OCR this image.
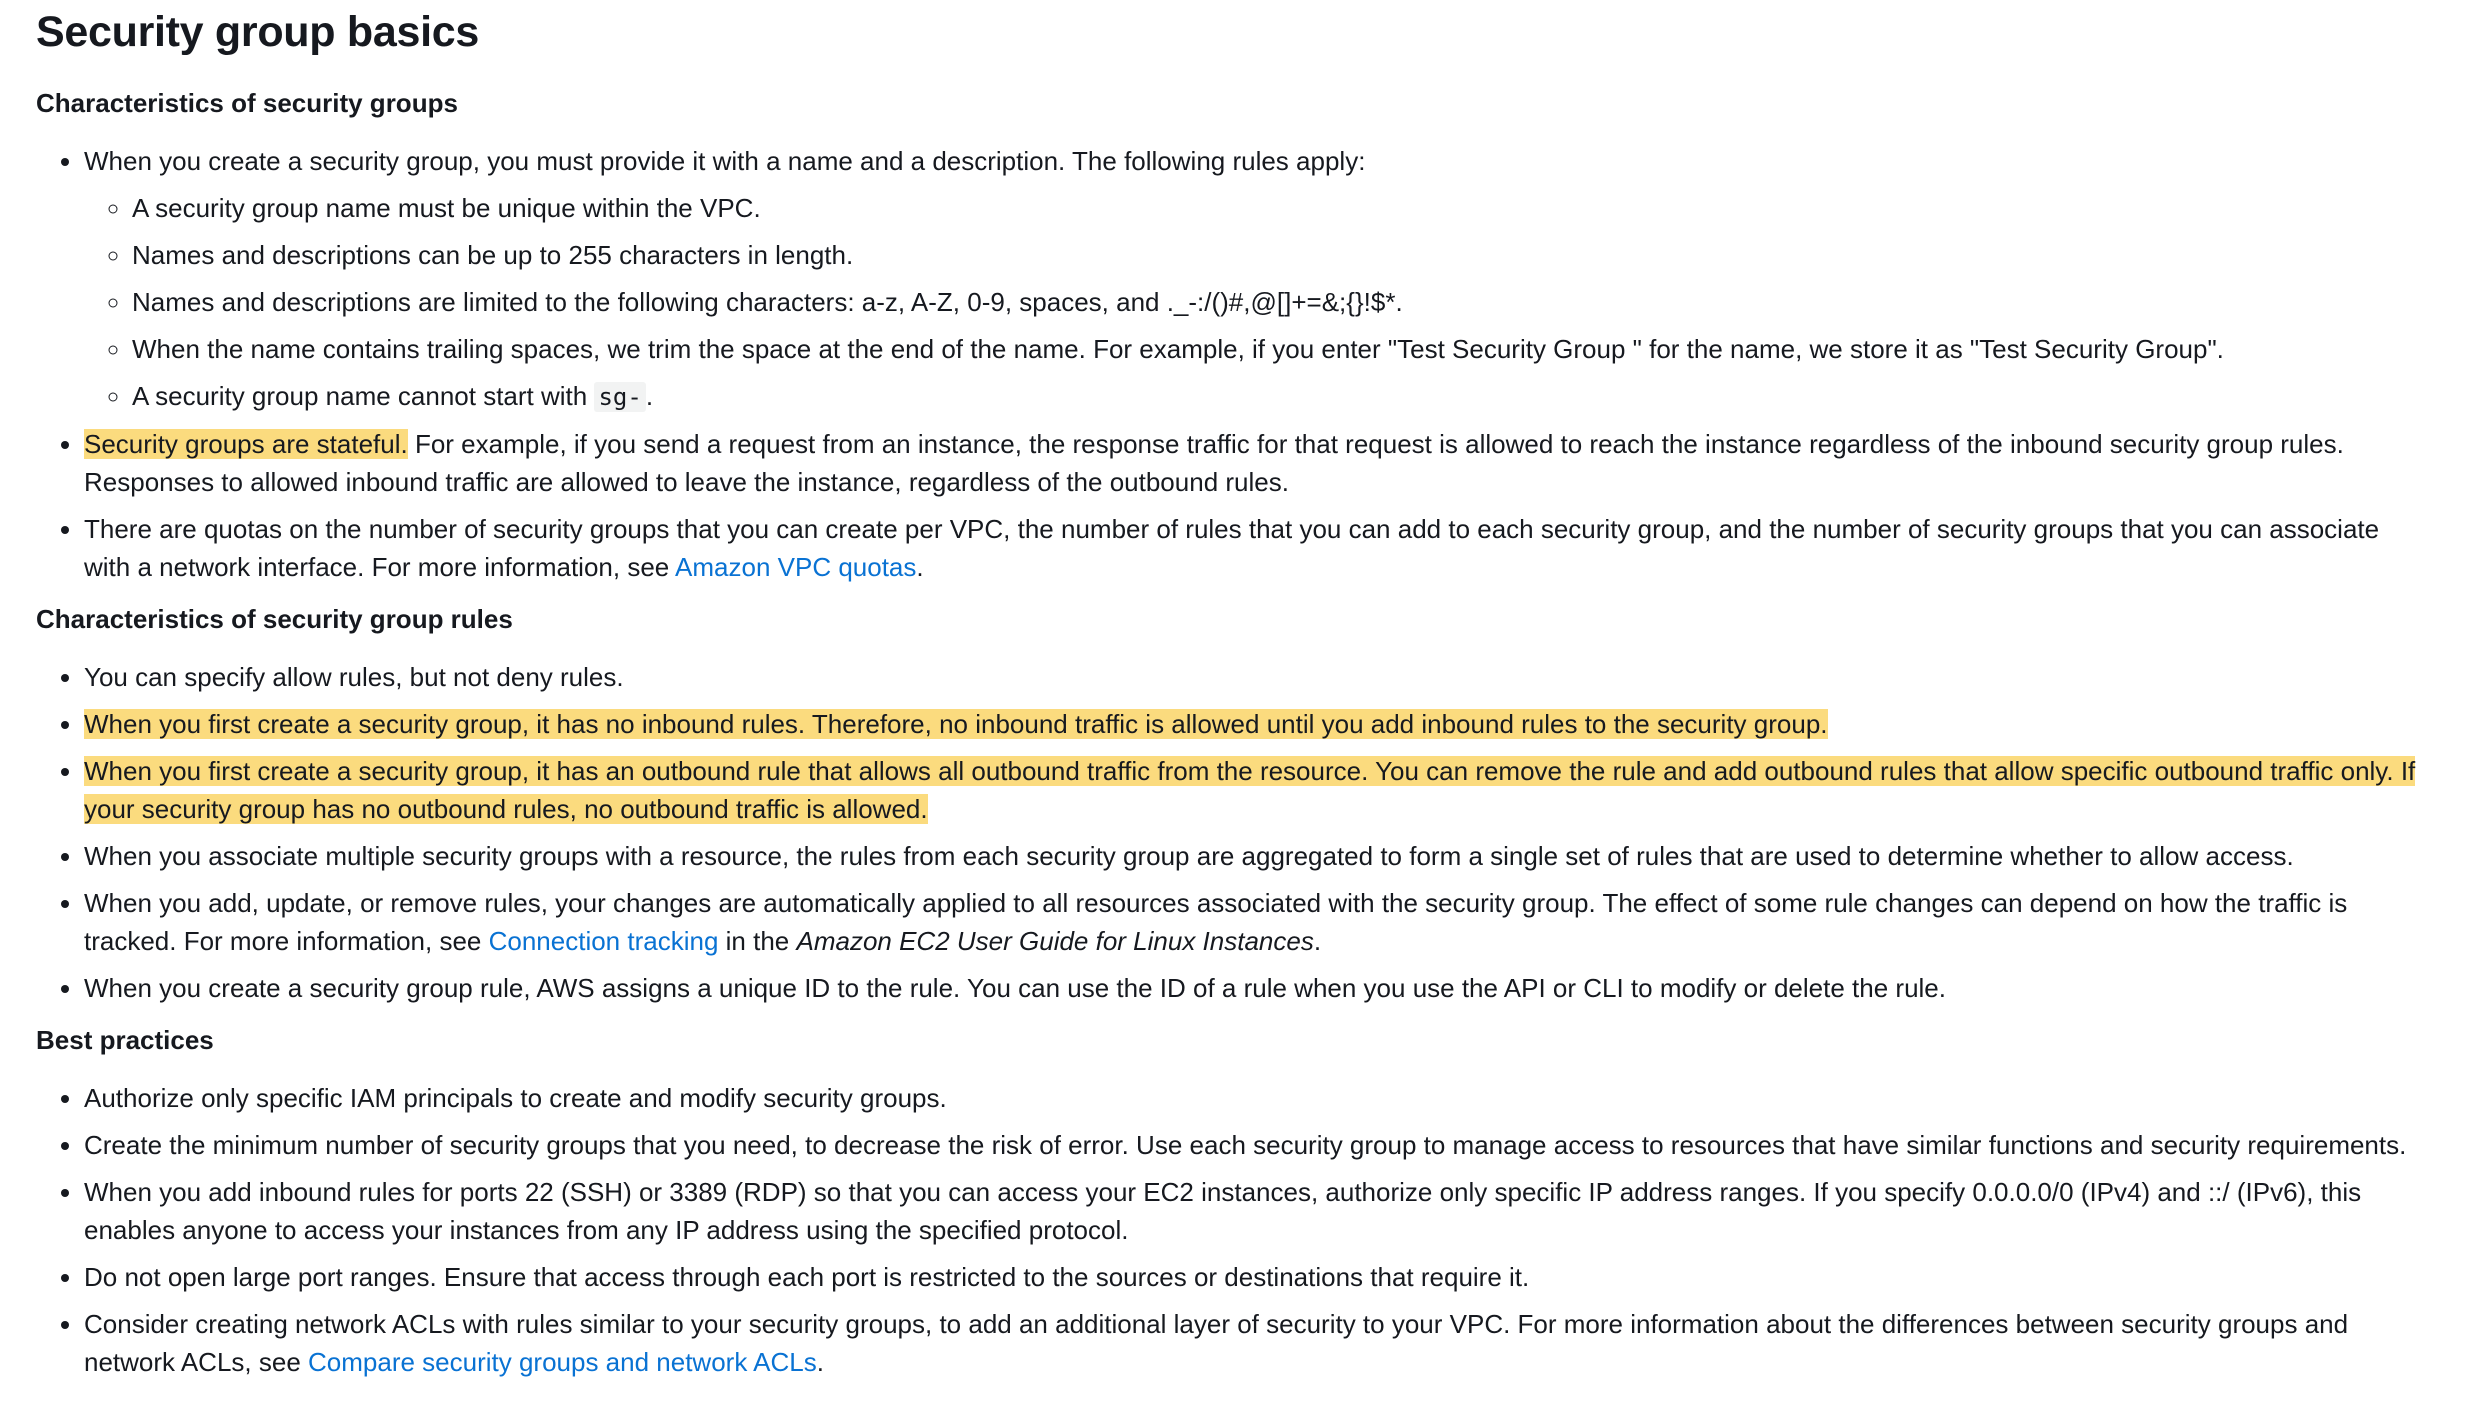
Security group basics
Characteristics of security groups
• When you create a security group, you must provide it with a name and a description. The following rules apply:
◦ A security group name must be unique within the VPC.
◦ Names and descriptions can be up to 255 characters in length.
◦ Names and descriptions are limited to the following characters: a-z, A-Z, 0-9, spaces, and ._-:/()#,@[]+=&;{}!$*.
◦ When the name contains trailing spaces, we trim the space at the end of the name. For example, if you enter "Test Security Group " for the name, we store it as "Test Security Group".
◦ A security group name cannot start with sg- .
• Security groups are stateful. For example, if you send a request from an instance, the response traffic for that request is allowed to reach the instance regardless of the inbound security group rules. Responses to allowed inbound traffic are allowed to leave the instance, regardless of the outbound rules.
• There are quotas on the number of security groups that you can create per VPC, the number of rules that you can add to each security group, and the number of security groups that you can associate with a network interface. For more information, see Amazon VPC quotas.
Characteristics of security group rules
• You can specify allow rules, but not deny rules.
• When you first create a security group, it has no inbound rules. Therefore, no inbound traffic is allowed until you add inbound rules to the security group.
• When you first create a security group, it has an outbound rule that allows all outbound traffic from the resource. You can remove the rule and add outbound rules that allow specific outbound traffic only. If your security group has no outbound rules, no outbound traffic is allowed.
• When you associate multiple security groups with a resource, the rules from each security group are aggregated to form a single set of rules that are used to determine whether to allow access.
• When you add, update, or remove rules, your changes are automatically applied to all resources associated with the security group. The effect of some rule changes can depend on how the traffic is tracked. For more information, see Connection tracking in the Amazon EC2 User Guide for Linux Instances.
• When you create a security group rule, AWS assigns a unique ID to the rule. You can use the ID of a rule when you use the API or CLI to modify or delete the rule.
Best practices
• Authorize only specific IAM principals to create and modify security groups.
• Create the minimum number of security groups that you need, to decrease the risk of error. Use each security group to manage access to resources that have similar functions and security requirements.
• When you add inbound rules for ports 22 (SSH) or 3389 (RDP) so that you can access your EC2 instances, authorize only specific IP address ranges. If you specify 0.0.0.0/0 (IPv4) and ::/ (IPv6), this enables anyone to access your instances from any IP address using the specified protocol.
• Do not open large port ranges. Ensure that access through each port is restricted to the sources or destinations that require it.
• Consider creating network ACLs with rules similar to your security groups, to add an additional layer of security to your VPC. For more information about the differences between security groups and network ACLs, see Compare security groups and network ACLs.
